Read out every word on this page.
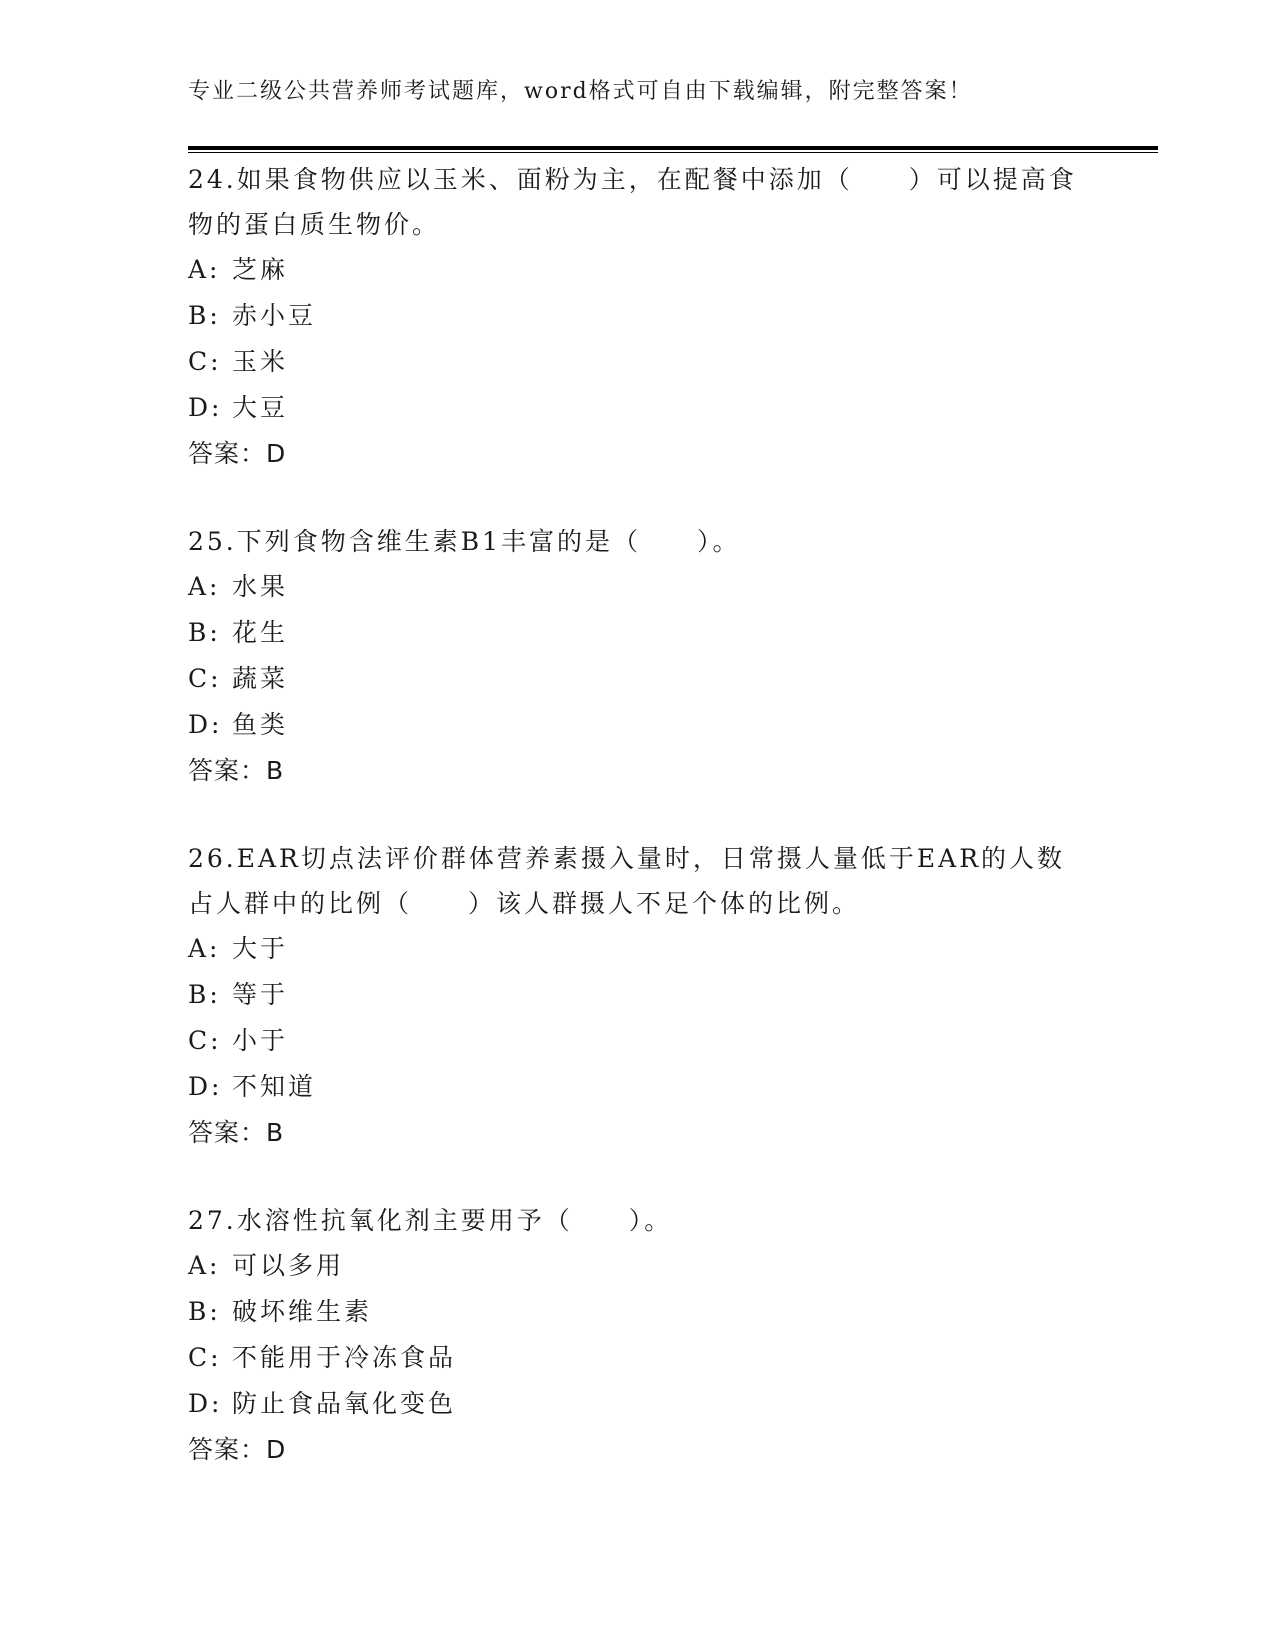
专业二级公共营养师考试题库，word格式可自由下载编辑，附完整答案！

24.如果食物供应以玉米、面粉为主，在配餐中添加（　　）可以提高食物的蛋白质生物价。

A: 芝麻

B: 赤小豆

C: 玉米

D: 大豆

答案：D

25.下列食物含维生素B1丰富的是（　　）。

A: 水果

B: 花生

C: 蔬菜

D: 鱼类

答案：B

26.EAR切点法评价群体营养素摄入量时，日常摄人量低于EAR的人数占人群中的比例（　　）该人群摄人不足个体的比例。

A: 大于

B: 等于

C: 小于

D: 不知道

答案：B

27.水溶性抗氧化剂主要用予（　　）。

A: 可以多用

B: 破坏维生素

C: 不能用于冷冻食品

D: 防止食品氧化变色

答案：D
